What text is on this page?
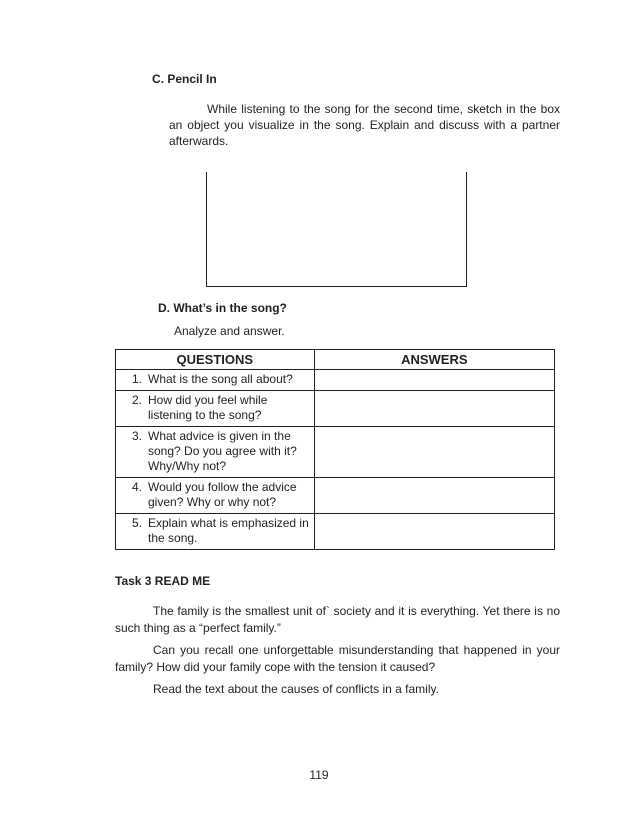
C. Pencil In
While listening to the song for the second time, sketch in the box an object you visualize in the song. Explain and discuss with a partner afterwards.
D. What’s in the song?
Analyze and answer.
QUESTIONS	ANSWERS

1. What is the song all about?	

2. How did you feel while listening to the song?	

3. What advice is given in the song? Do you agree with it? Why/Why not?	

4. Would you follow the advice given? Why or why not?	

5. Explain what is emphasized in the song.	

Task 3 READ ME
The family is the smallest unit of` society and it is everything. Yet there is no such thing as a “perfect family.”
Can you recall one unforgettable misunderstanding that happened in your family? How did your family cope with the tension it caused?
Read the text about the causes of conflicts in a family.
119
